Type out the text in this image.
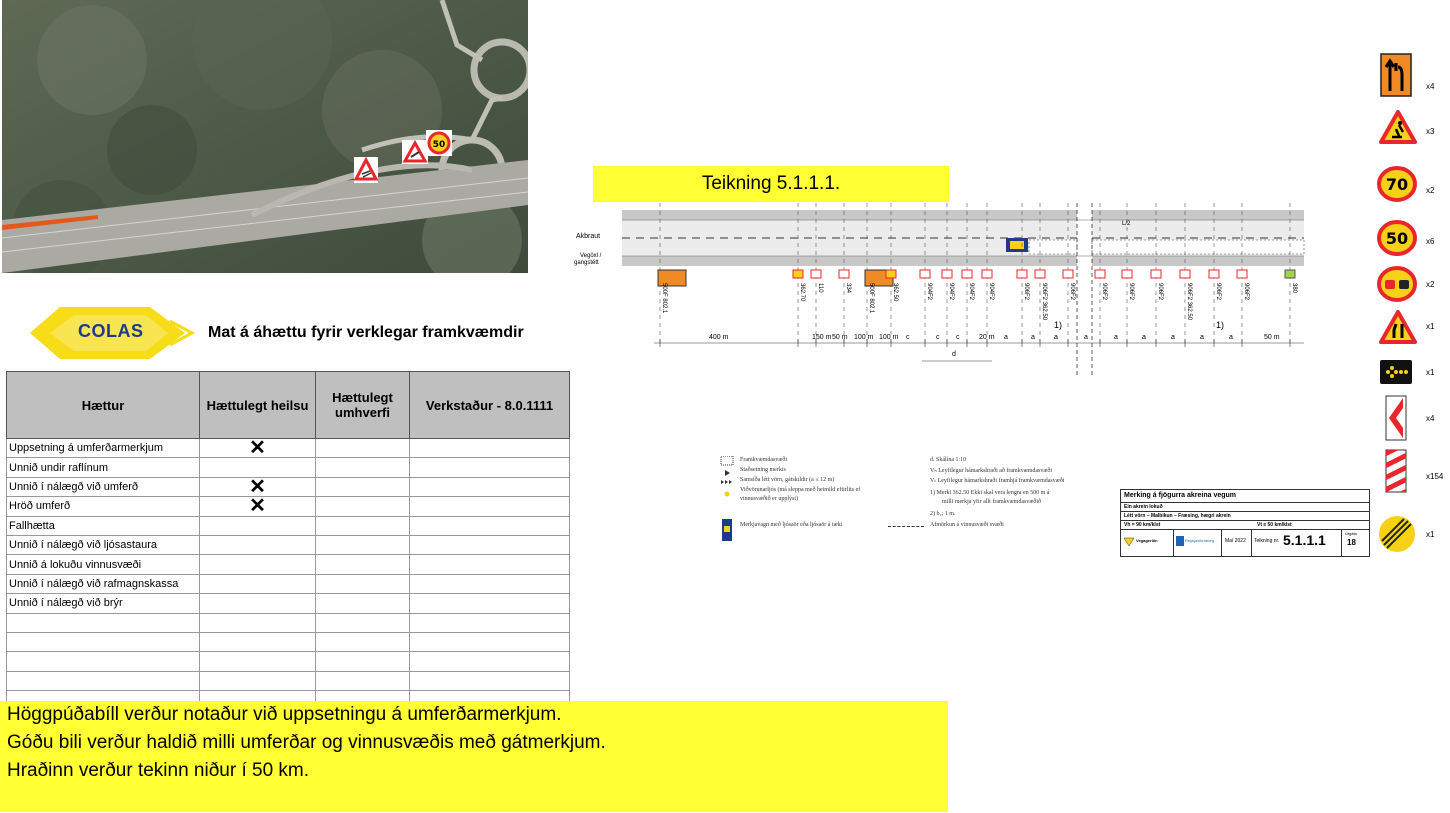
50
COLAS	Mat á áhættu fyrir verklegar framkvæmdir
Hættur	Hættulegt heilsu	Hættulegt umhverfi	Verkstaður - 8.0.1111
Uppsetning á umferðarmerkjum	✕		
Unnið undir raflínum			
Unnið í nálægð við umferð	✕		
Hröð umferð	✕		
Fallhætta			
Unnið í nálægð við ljósastaura			
Unnið á lokuðu vinnusvæði			
Unnið í nálægð við rafmagnskassa			
Unnið í nálægð við brýr			

Höggpúðabíll verður notaður við uppsetningu á umferðarmerkjum.
Góðu bili verður haldið milli umferðar og vinnusvæðis með gátmerkjum.
Hraðinn verður tekinn niður í 50 km.
Teikning 5.1.1.1.
Akbraut
Vegöxl /
gangstétt
L/2
1)	1)
d
500F 802.1	362.70 110	334	500F 802.1	362.50	904F2	904F2 904F2 904F2	906F2 906F2 362.50	906F2	906F2	906F2	906F2	906F2 362.50	906F2	906F2	380
400 m	150 m 50 m 100 m 100 m c	c c	20 m a	a	a	a	a	a	a	a	a	50 m
Framkvæmdasvæði
Staðsetning merkis
Samsíða létt vörn, gátskildir (a ≤ 12 m)
Viðvörunarljós (má sleppa með heimild eftirlits ef
vinnusvæðið er upplýst)
Merkjavagn með ljósaör eða ljósaör á tæki
d. Skálína 1:10
Vₕ Leyfilegur hámarkshraði að framkvæmdasvæði
Vₜ Leyfilegur hámarkshraði framhjá framkvæmdasvæði
1) Merki 362.50 Ekki skal vera lengra en 500 m á
milli merkja yfir allt framkvæmdasvæðið
2) b₂; 1 m.
Afmörkun á vinnusvæði svæði
Merking á fjögurra akreina vegum
Ein akrein lokuð
Létt vörn – Malbikun – Fræsing, hægri akrein
Vh = 90 km/klst	Vt ≤ 50 km/klst
Vegagerðin	Reykjavíkurborg Maí 2022 Teikning nr. 5.1.1.1	Útgáfa
18
x4
x3
70 x2
50 x6
x2
x1
x1
x4
x154
x1
